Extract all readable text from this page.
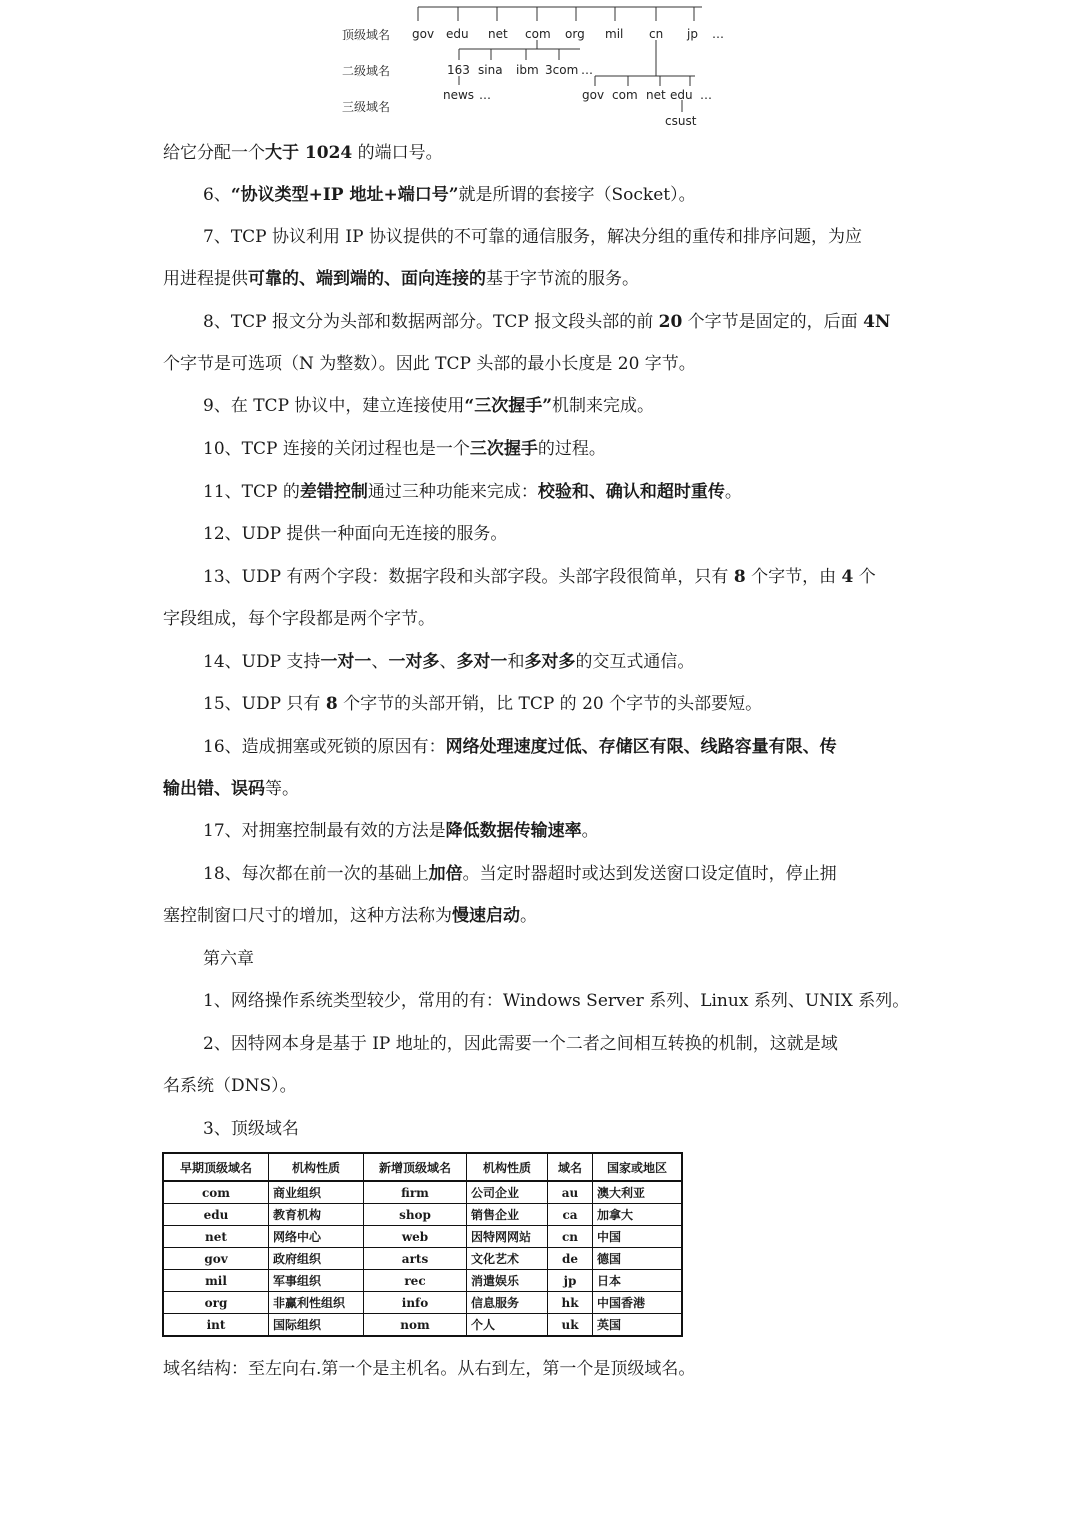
顶级域名
二级域名
三级域名
gov edu net com org mil cn jp …
163 sina ibm 3com …
news …	gov com net edu …
csust
给它分配一个大于 1024 的端口号。
6、“协议类型+IP 地址+端口号”就是所谓的套接字（Socket）。
7、TCP 协议利用 IP 协议提供的不可靠的通信服务，解决分组的重传和排序问题，为应
用进程提供可靠的、端到端的、面向连接的基于字节流的服务。
8、TCP 报文分为头部和数据两部分。TCP 报文段头部的前 20 个字节是固定的，后面 4N
个字节是可选项（N 为整数）。因此 TCP 头部的最小长度是 20 字节。
9、在 TCP 协议中，建立连接使用“三次握手”机制来完成。
10、TCP 连接的关闭过程也是一个三次握手的过程。
11、TCP 的差错控制通过三种功能来完成：校验和、确认和超时重传。
12、UDP 提供一种面向无连接的服务。
13、UDP 有两个字段：数据字段和头部字段。头部字段很简单，只有 8 个字节，由 4 个
字段组成，每个字段都是两个字节。
14、UDP 支持一对一、一对多、多对一和多对多的交互式通信。
15、UDP 只有 8 个字节的头部开销，比 TCP 的 20 个字节的头部要短。
16、造成拥塞或死锁的原因有：网络处理速度过低、存储区有限、线路容量有限、传
输出错、误码等。
17、对拥塞控制最有效的方法是降低数据传输速率。
18、每次都在前一次的基础上加倍。当定时器超时或达到发送窗口设定值时，停止拥
塞控制窗口尺寸的增加，这种方法称为慢速启动。
第六章
1、网络操作系统类型较少，常用的有：Windows Server 系列、Linux 系列、UNIX 系列。
2、因特网本身是基于 IP 地址的，因此需要一个二者之间相互转换的机制，这就是域
名系统（DNS）。
3、顶级域名
早期顶级域名	机构性质	新增顶级域名	机构性质	域名	国家或地区
com	商业组织	firm	公司企业	au	澳大利亚
edu	教育机构	shop	销售企业	ca	加拿大
net	网络中心	web	因特网网站	cn	中国
gov	政府组织	arts	文化艺术	de	德国
mil	军事组织	rec	消遣娱乐	jp	日本
org	非赢利性组织	info	信息服务	hk	中国香港
int	国际组织	nom	个人	uk	英国
域名结构：至左向右.第一个是主机名。从右到左，第一个是顶级域名。
